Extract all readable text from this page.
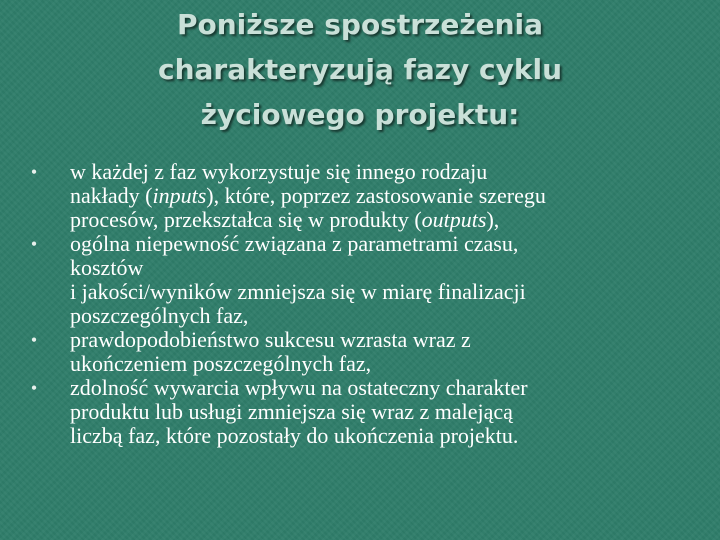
Poniższe spostrzeżenia
charakteryzują fazy cyklu
życiowego projektu:
• w każdej z faz wykorzystuje się innego rodzaju
nakłady (inputs), które, poprzez zastosowanie szeregu
procesów, przekształca się w produkty (outputs),
• ogólna niepewność związana z parametrami czasu,
kosztów
i jakości/wyników zmniejsza się w miarę finalizacji
poszczególnych faz,
• prawdopodobieństwo sukcesu wzrasta wraz z
ukończeniem poszczególnych faz,
• zdolność wywarcia wpływu na ostateczny charakter
produktu lub usługi zmniejsza się wraz z malejącą
liczbą faz, które pozostały do ukończenia projektu.
